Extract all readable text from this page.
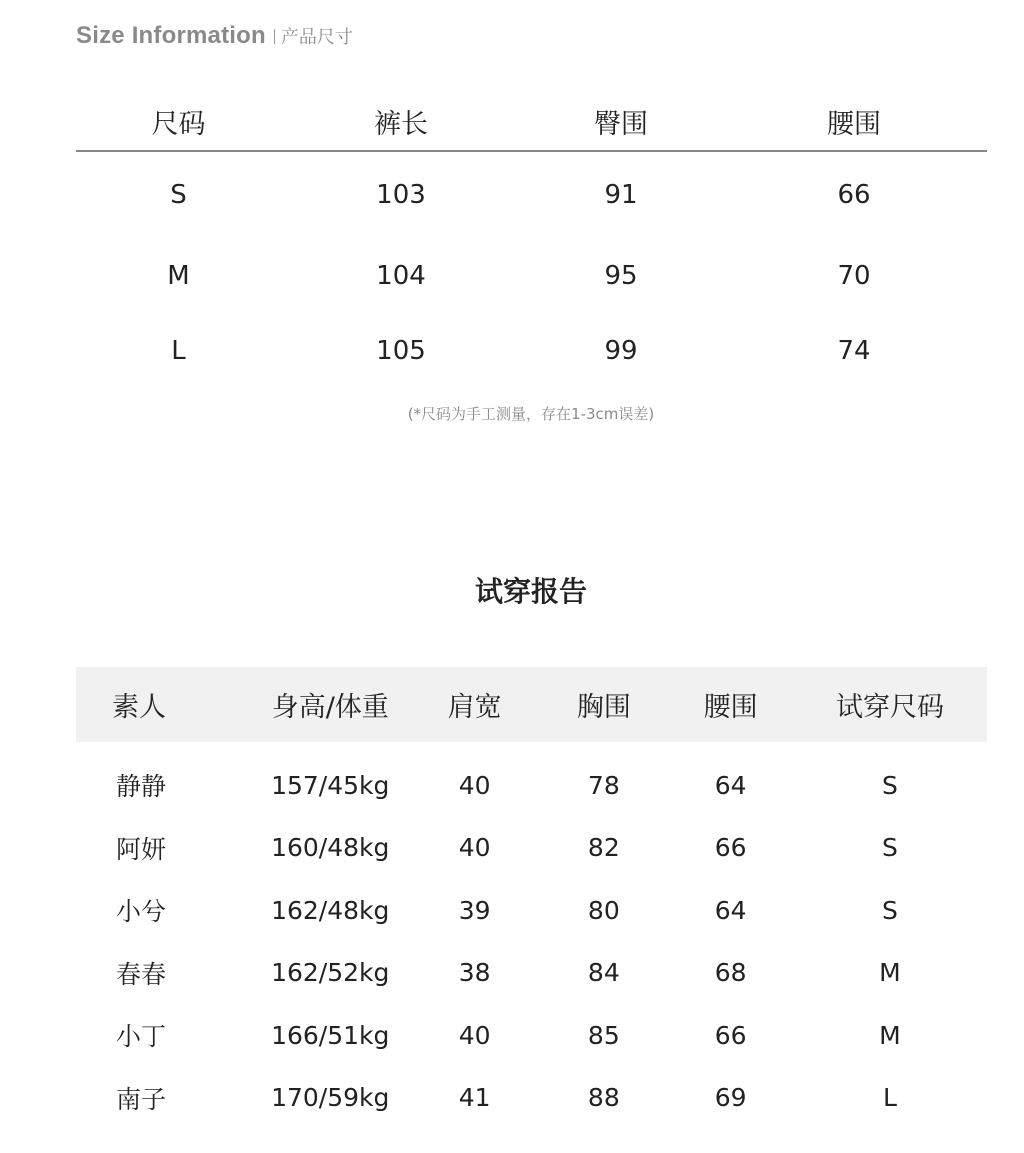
Size Information 产品尺寸
尺码	裤长	臀围	腰围
S	103	91	66
M	104	95	70
L	105	99	74
(*尺码为手工测量，存在1-3cm误差)
试穿报告
素人	身高/体重	肩宽	胸围	腰围	试穿尺码
静静	157/45kg	40	78	64	S
阿妍	160/48kg	40	82	66	S
小兮	162/48kg	39	80	64	S
春春	162/52kg	38	84	68	M
小丁	166/51kg	40	85	66	M
南子	170/59kg	41	88	69	L
